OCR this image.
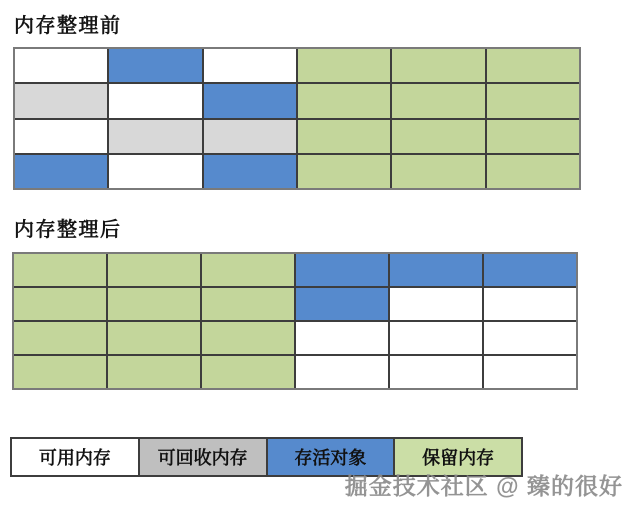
内存整理前
内存整理后
可用内存	可回收内存	存活对象	保留内存
掘金技术社区 @ 臻的很好
